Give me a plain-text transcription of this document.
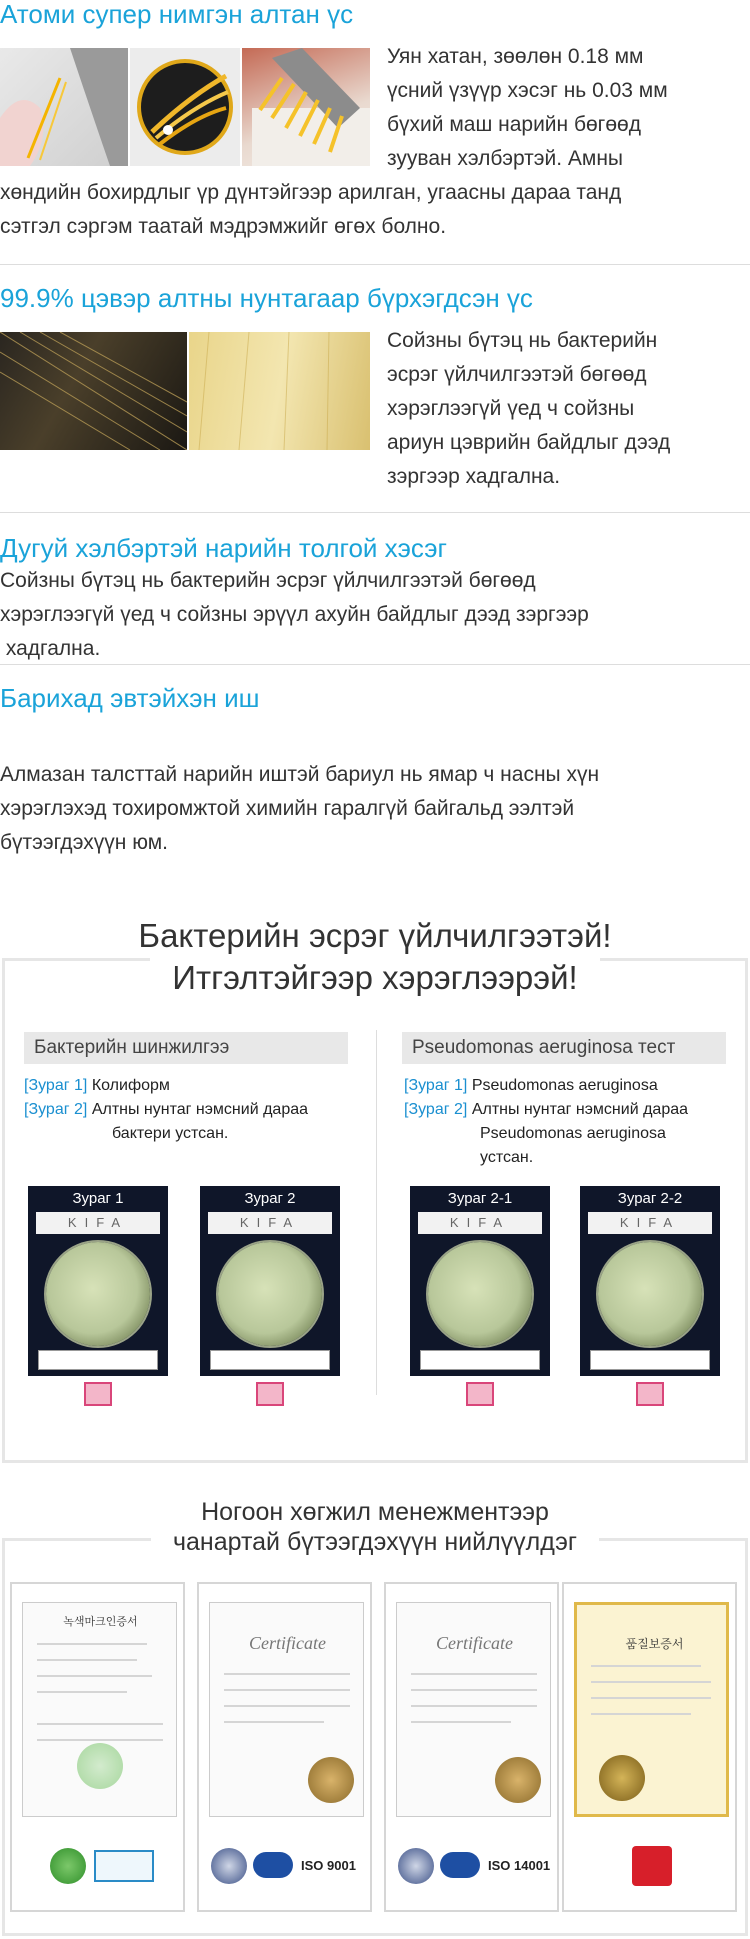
Атоми супер нимгэн алтан үс
Уян хатан, зөөлөн 0.18 мм
үсний үзүүр хэсэг нь 0.03 мм
бүхий маш нарийн бөгөөд
зууван хэлбэртэй. Амны
хөндийн бохирдлыг үр дүнтэйгээр арилган, угаасны дараа танд
сэтгэл сэргэм таатай мэдрэмжийг өгөх болно.
99.9% цэвэр алтны нунтагаар бүрхэгдсэн үс
Сойзны бүтэц нь бактерийн
эсрэг үйлчилгээтэй бөгөөд
хэрэглээгүй үед ч сойзны
ариун цэврийн байдлыг дээд
зэргээр хадгална.
Дугуй хэлбэртэй нарийн толгой хэсэг
Сойзны бүтэц нь бактерийн эсрэг үйлчилгээтэй бөгөөд
хэрэглээгүй үед ч сойзны эрүүл ахуйн байдлыг дээд зэргээр
хадгална.
Барихад эвтэйхэн иш
Алмазан талсттай нарийн иштэй бариул нь ямар ч насны хүн
хэрэглэхэд тохиромжтой химийн гаралгүй байгальд ээлтэй
бүтээгдэхүүн юм.
Бактерийн эсрэг үйлчилгээтэй!
Итгэлтэйгээр хэрэглээрэй!
Бактерийн шинжилгээ
[Зураг 1] Колиформ
[Зураг 2] Алтны нунтаг нэмсний дараа
бактери устсан.
Pseudomonas aeruginosa тест
[Зураг 1] Pseudomonas aeruginosa
[Зураг 2] Алтны нунтаг нэмсний дараа
Pseudomonas aeruginosa
устсан.
Зураг 1
KIFA
Зураг 2
KIFA
Зураг 2-1
KIFA
Зураг 2-2
KIFA
Ногоон хөгжил менежментээр
чанартай бүтээгдэхүүн нийлүүлдэг
녹색마크인증서
Certificate
ISO 9001
Certificate
ISO 14001
품질보증서
